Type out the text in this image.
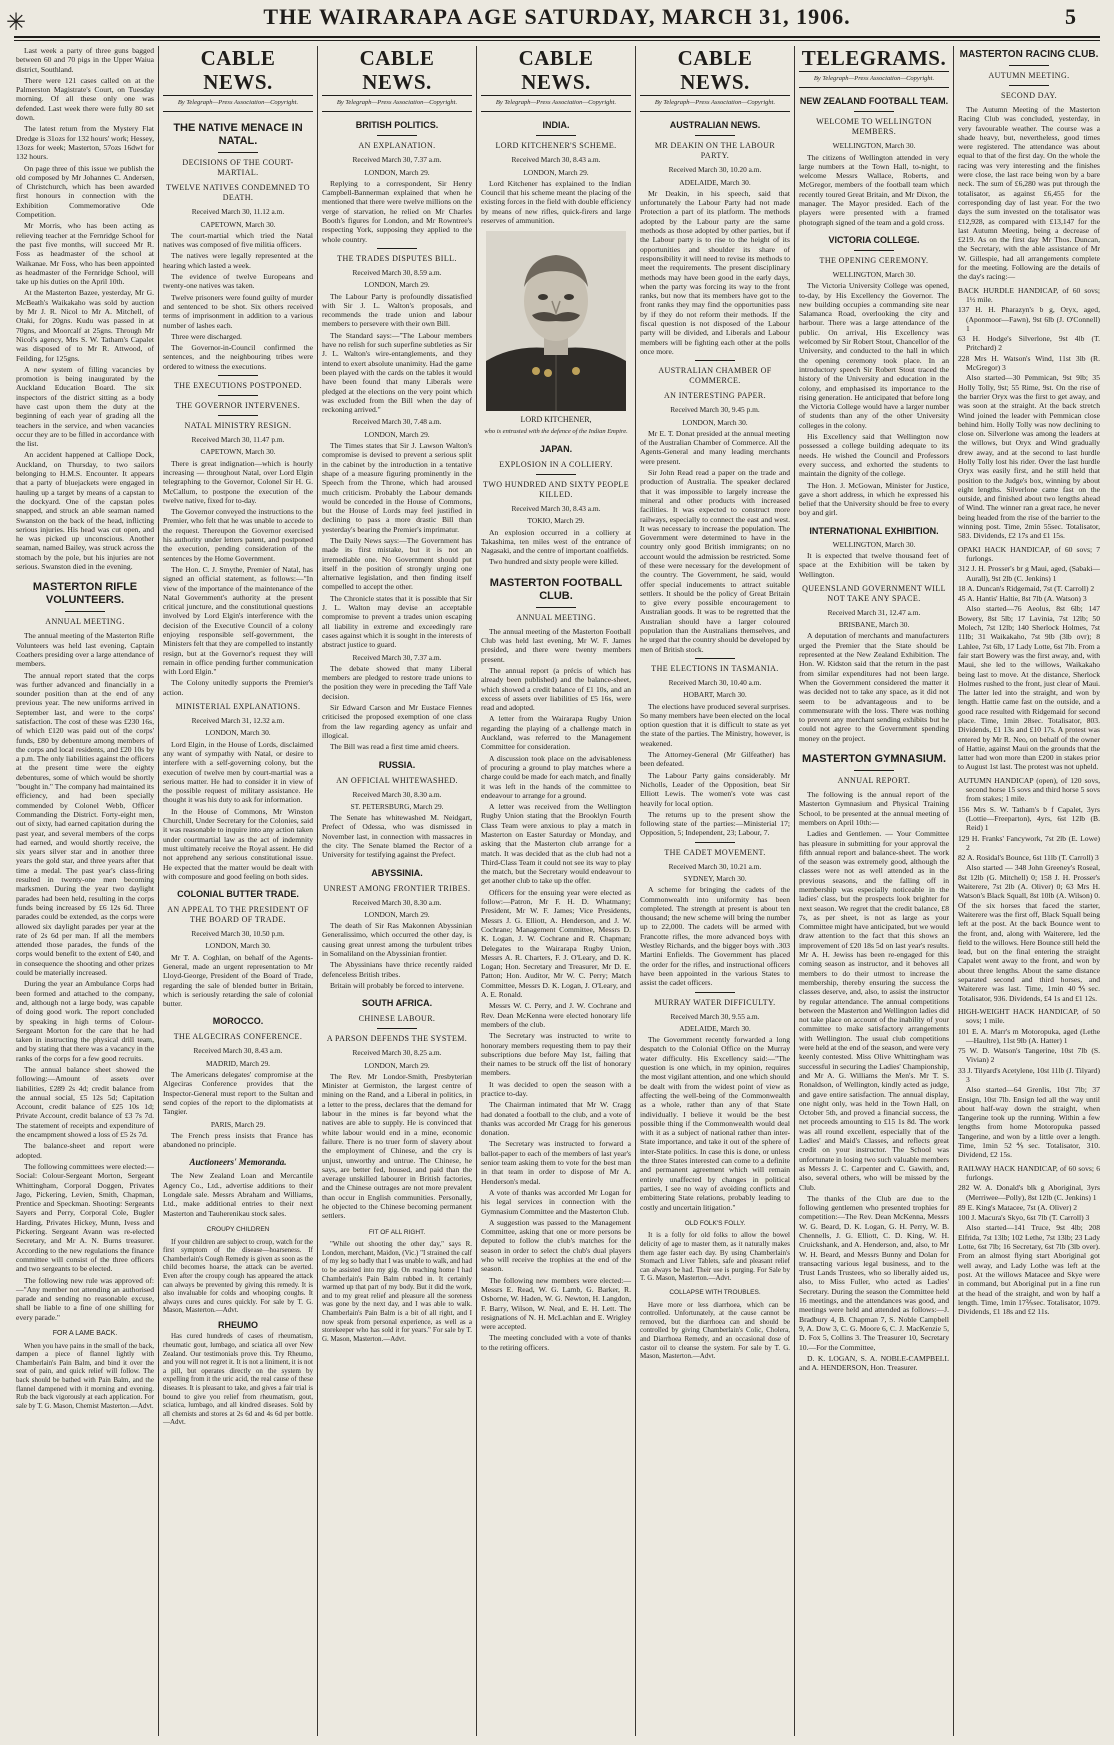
✳	THE WAIRARAPA AGE SATURDAY, MARCH 31, 1906.	5

Last week a party of three guns bagged between 60 and 70 pigs in the Upper Waiua district, Southland.

There were 121 cases called on at the Palmerston Magistrate's Court, on Tuesday morning. Of all these only one was defended. Last week there were fully 80 set down.

The latest return from the Mystery Flat Dredge is 31ozs for 132 hours' work; Hessey, 13ozs for week; Masterton, 57ozs 16dwt for 132 hours.

On page three of this issue we publish the old composed by Mr Johannes C. Andersen, of Christchurch, which has been awarded first honours in connection with the Exhibition Commemorative Ode Competition.

Mr Morris, who has been acting as relieving teacher at the Fernridge School for the past five months, will succeed Mr R. Foss as headmaster of the school at Waikanae. Mr Foss, who has been appointed as headmaster of the Fernridge School, will take up his duties on the April 10th.

At the Masterton Bazee, yesterday, Mr G. McBeath's Waikakaho was sold by auction by Mr J. R. Nicol to Mr A. Mitchell, of Otaki, for 20gns. Kudu was passed in at 70gns, and Moorcalf at 25gns. Through Mr Nicol's agency, Mrs S. W. Tatham's Capalet was disposed of to Mr R. Attwood, of Feilding, for 125gns.

A new system of filling vacancies by promotion is being inaugurated by the Auckland Education Board. The six inspectors of the district sitting as a body have cast upon them the duty at the beginning of each year of grading all the teachers in the service, and when vacancies occur they are to be filled in accordance with the list.

An accident happened at Calliope Dock, Auckland, on Thursday, to two sailors belonging to H.M.S. Encounter. It appears that a party of bluejackets were engaged in hauling up a target by means of a capstan to the dockyard. One of the capstan poles snapped, and struck an able seaman named Swanston on the back of the head, inflicting serious injuries. His head was cut open, and he was picked up unconscious. Another seaman, named Bailey, was struck across the stomach by the pole, but his injuries are not serious. Swanston died in the evening.

MASTERTON RIFLE VOLUNTEERS.
ANNUAL MEETING.

The annual meeting of the Masterton Rifle Volunteers was held last evening, Captain Coathers presiding over a large attendance of members.

The annual report stated that the corps was further advanced and financially in a sounder position than at the end of any previous year. The new uniforms arrived in September last, and were to the corps' satisfaction. The cost of these was £230 16s, of which £120 was paid out of the corps' funds, £80 by debenture among members of the corps and local residents, and £20 10s by a p.m. The only liabilities against the officers at the present time were the eighty debentures, some of which would be shortly "bought in." The company had maintained its efficiency, and had been specially commended by Colonel Webb, Officer Commanding the District. Forty-eight men, out of sixty, had earned capitation during the past year, and several members of the corps had earned, and would shortly receive, the six years silver star and in another three years the gold star, and three years after that time a medal. The past year's class-firing resulted in twenty-one men becoming marksmen. During the year two daylight parades had been held, resulting in the corps funds being increased by £6 12s 6d. Three parades could be extended, as the corps were allowed six daylight parades per year at the rate of 2s 6d per man. If all the members attended those parades, the funds of the corps would benefit to the extent of £40, and in consequence the shooting and other prizes could be materially increased.

During the year an Ambulance Corps had been formed and attached to the company, and, although not a large body, was capable of doing good work. The report concluded by speaking in high terms of Colour-Sergeant Morton for the care that he had taken in instructing the physical drill team, and by stating that there was a vacancy in the ranks of the corps for a few good recruits.

The annual balance sheet showed the following:—Amount of assets over liabilities, £289 2s 4d; credit balance from the annual social, £5 12s 5d; Capitation Account, credit balance of £25 10s 1d; Private Account, credit balance of £3 7s 7d. The statement of receipts and expenditure of the encampment showed a loss of £5 2s 7d.

The balance-sheet and report were adopted.

The following committees were elected:—Social: Colour-Sergeant Morton, Sergeant Whittingham, Corporal Doggen, Privates Jago, Pickering, Levien, Smith, Chapman, Prentice and Speckman. Shooting: Sergeants Sayers and Perry, Corporal Cole, Bugler Harding, Privates Hickey, Munn, Ivess and Pickering. Sergeant Avann was re-elected Secretary, and Mr A. N. Burns treasurer. According to the new regulations the finance committee will consist of the three officers and two sergeants to be elected.

The following new rule was approved of:—"Any member not attending an authorised parade and sending no reasonable excuse, shall be liable to a fine of one shilling for every parade."

FOR A LAME BACK.

When you have pains in the small of the back, dampen a piece of flannel lightly with Chamberlain's Pain Balm, and bind it over the seat of pain, and quick relief will follow. The back should be bathed with Pain Balm, and the flannel dampened with it morning and evening. Rub the back vigorously at each application. For sale by T. G. Mason, Chemist Masterton.—Advt.

CABLE NEWS.
By Telegraph—Press Association—Copyright.
THE NATIVE MENACE IN NATAL.
DECISIONS OF THE COURT-MARTIAL.
TWELVE NATIVES CONDEMNED TO DEATH.
Received March 30, 11.12 a.m.
CAPETOWN, March 30.

The court-martial which tried the Natal natives was composed of five militia officers.

The natives were legally represented at the hearing which lasted a week.

The evidence of twelve Europeans and twenty-one natives was taken.

Twelve prisoners were found guilty of murder and sentenced to be shot. Six others received terms of imprisonment in addition to a various number of lashes each.

Three were discharged.

The Governor-in-Council confirmed the sentences, and the neighbouring tribes were ordered to witness the executions.

THE EXECUTIONS POSTPONED.
THE GOVERNOR INTERVENES.
NATAL MINISTRY RESIGN.
Received March 30, 11.47 p.m.
CAPETOWN, March 30.

There is great indignation—which is hourly increasing — throughout Natal, over Lord Elgin telegraphing to the Governor, Colonel Sir H. G. McCallum, to postpone the execution of the twelve native, fixed for to-day.

The Governor conveyed the instructions to the Premier, who felt that he was unable to accede to the request. Thereupon the Governor exercised his authority under letters patent, and postponed the execution, pending consideration of the sentences by the Home Government.

The Hon. C. J. Smythe, Premier of Natal, has signed an official statement, as follows:—"In view of the importance of the maintenance of the Natal Government's authority at the present critical juncture, and the constitutional questions involved by Lord Elgin's interference with the decision of the Executive Council of a colony enjoying responsible self-government, the Ministers felt that they are compelled to instantly resign, but at the Governor's request they will remain in office pending further communication with Lord Elgin."

The Colony unitedly supports the Premier's action.

MINISTERIAL EXPLANATIONS.
Received March 31, 12.32 a.m.
LONDON, March 30.

Lord Elgin, in the House of Lords, disclaimed any want of sympathy with Natal, or desire to interfere with a self-governing colony, but the execution of twelve men by court-martial was a serious matter. He had to consider it in view of the possible request of military assistance. He thought it was his duty to ask for information.

In the House of Commons, Mr Winston Churchill, Under Secretary for the Colonies, said it was reasonable to inquire into any action taken under courtmartial law as the act of indemnity must ultimately receive the Royal assent. He did not apprehend any serious constitutional issue. He expected that the matter would be dealt with with composure and good feeling on both sides.

COLONIAL BUTTER TRADE.
AN APPEAL TO THE PRESIDENT OF THE BOARD OF TRADE.
Received March 30, 10.50 p.m.
LONDON, March 30.

Mr T. A. Coghlan, on behalf of the Agents-General, made an urgent representation to Mr Lloyd-George, President of the Board of Trade, regarding the sale of blended butter in Britain, which is seriously retarding the sale of colonial butter.

MOROCCO.
THE ALGECIRAS CONFERENCE.
Received March 30, 8.43 a.m.
MADRID, March 29.

The Americans delegates' compromise at the Algeciras Conference provides that the Inspector-General must report to the Sultan and send copies of the report to the diplomatists at Tangier.

PARIS, March 29.

The French press insists that France has abandoned no principle.

Auctioneers' Memoranda.

The New Zealand Loan and Mercantile Agency Co., Ltd., advertise additions to their Longdale sale. Messrs Abraham and Williams, Ltd., make additional entries to their next Masterton and Tauherenikau stock sales.

CROUPY CHILDREN

If your children are subject to croup, watch for the first symptom of the disease—hoarseness. If Chamberlain's Cough Remedy is given as soon as the child becomes hoarse, the attack can be averted. Even after the croupy cough has appeared the attack can always be prevented by giving this remedy. It is also invaluable for colds and whooping coughs. It always cures and cures quickly. For sale by T. G. Mason, Masterton.—Advt.

RHEUMO

Has cured hundreds of cases of rheumatism, rheumatic gout, lumbago, and sciatica all over New Zealand. Our testimonials prove this. Try Rheumo, and you will not regret it. It is not a liniment, it is not a pill, but operates directly on the system by expelling from it the uric acid, the real cause of these diseases. It is pleasant to take, and gives a fair trial is bound to give you relief from rheumatism, gout, sciatica, lumbago, and all kindred diseases. Sold by all chemists and stores at 2s 6d and 4s 6d per bottle.—Advt.

CABLE NEWS.
By Telegraph—Press Association—Copyright.
BRITISH POLITICS.
AN EXPLANATION.
Received March 30, 7.37 a.m.
LONDON, March 29.

Replying to a correspondent, Sir Henry Campbell-Bannerman explained that when he mentioned that there were twelve millions on the verge of starvation, he relied on Mr Charles Booth's figures for London, and Mr Rowntree's respecting York, supposing they applied to the whole country.

THE TRADES DISPUTES BILL.
Received March 30, 8.59 a.m.
LONDON, March 29.

The Labour Party is profoundly dissatisfied with Sir J. L. Walton's proposals, and recommends the trade union and labour members to persevere with their own Bill.

The Standard says:—"The Labour members have no relish for such superfine subtleties as Sir J. L. Walton's wire-entanglements, and they intend to exert absolute unanimity. Had the game been played with the cards on the tables it would have been found that many Liberals were pledged at the elections on the very point which was excluded from the Bill when the day of reckoning arrived."

Received March 30, 7.48 a.m.
LONDON, March 29.

The Times states that Sir J. Lawson Walton's compromise is devised to prevent a serious split in the cabinet by the introduction in a tentative shape of a measure figuring prominently in the Speech from the Throne, which had aroused much criticism. Probably the Labour demands would be conceded in the House of Commons, but the House of Lords may feel justified in declining to pass a more drastic Bill than yesterday's bearing the Premier's imprimatur.

The Daily News says:—The Government has made its first mistake, but it is not an irremediable one. No Government should put itself in the position of strongly urging one alternative legislation, and then finding itself compelled to accept the other.

The Chronicle states that it is possible that Sir J. L. Walton may devise an acceptable compromise to prevent a trades union escaping all liability in extreme and exceedingly rare cases against which it is sought in the interests of abstract justice to guard.

Received March 30, 7.37 a.m.

The debate showed that many Liberal members are pledged to restore trade unions to the position they were in preceding the Taff Vale decision.

Sir Edward Carson and Mr Eustace Fiennes criticised the proposed exemption of one class from the law regarding agency as unfair and illogical.

The Bill was read a first time amid cheers.

RUSSIA.
AN OFFICIAL WHITEWASHED.
Received March 30, 8.30 a.m.
ST. PETERSBURG, March 29.

The Senate has whitewashed M. Neidgart, Prefect of Odessa, who was dismissed in November last, in connection with massacres in the city. The Senate blamed the Rector of a University for testifying against the Prefect.

ABYSSINIA.
UNREST AMONG FRONTIER TRIBES.
Received March 30, 8.30 a.m.
LONDON, March 29.

The death of Sir Ras Makonnen Abyssinian Generalissimo, which occurred the other day, is causing great unrest among the turbulent tribes in Somaliland on the Abyssinian frontier.

The Abyssinians have thrice recently raided defenceless British tribes.

Britain will probably be forced to intervene.

SOUTH AFRICA.
CHINESE LABOUR.
A PARSON DEFENDS THE SYSTEM.
Received March 30, 8.25 a.m.
LONDON, March 29.

The Rev. Mr Londor-Smith, Presbyterian Minister at Germiston, the largest centre of mining on the Rand, and a Liberal in politics, in a letter to the press, declares that the demand for labour in the mines is far beyond what the natives are able to supply. He is convinced that white labour would end in a mine, economic failure. There is no truer form of slavery about the employment of Chinese, and the cry is unjust, unworthy and untrue. The Chinese, he says, are better fed, housed, and paid than the average unskilled labourer in British factories, and the Chinese outrages are not more prevalent than occur in English communities. Personally, he objected to the Chinese becoming permanent settlers.

FIT OF ALL RIGHT.

"While out shooting the other day," says R. London, merchant, Maidon, (Vic.) "I strained the calf of my leg so badly that I was unable to walk, and had to be assisted into my gig. On reaching home I had Chamberlain's Pain Balm rubbed in. It certainly warmed up that part of my body. But it did the work, and to my great relief and pleasure all the soreness was gone by the next day, and I was able to walk. Chamberlain's Pain Balm is a bit of all right, and I now speak from personal experience, as well as a storekeeper who has sold it for years." For sale by T. G. Mason, Masterton.—Advt.

CABLE NEWS.
By Telegraph—Press Association—Copyright.
INDIA.
LORD KITCHENER'S SCHEME.
Received March 30, 8.43 a.m.
LONDON, March 29.

Lord Kitchener has explained to the Indian Council that his scheme meant the placing of the existing forces in the field with double efficiency by means of new rifles, quick-firers and large reserves of ammunition.

LORD KITCHENER,
who is entrusted with the defence of the Indian Empire.
JAPAN.
EXPLOSION IN A COLLIERY.
TWO HUNDRED AND SIXTY PEOPLE KILLED.
Received March 30, 8.43 a.m.
TOKIO, March 29.

An explosion occurred in a colliery at Takashima, ten miles west of the entrance of Nagasaki, and the centre of important coalfields.

Two hundred and sixty people were killed.

MASTERTON FOOTBALL CLUB.
ANNUAL MEETING.

The annual meeting of the Masterton Football Club was held last evening, Mr W. F. James presided, and there were twenty members present.

The annual report (a précis of which has already been published) and the balance-sheet, which showed a credit balance of £1 10s, and an excess of assets over liabilities of £5 16s, were read and adopted.

A letter from the Wairarapa Rugby Union regarding the playing of a challenge match in Auckland, was referred to the Management Committee for consideration.

A discussion took place on the advisableness of procuring a ground to play matches where a charge could be made for each match, and finally it was left in the hands of the committee to endeavour to arrange for a ground.

A letter was received from the Wellington Rugby Union stating that the Brooklyn Fourth Class Team were anxious to play a match in Masterton on Easter Saturday or Monday, and asking that the Masterton club arrange for a match. It was decided that as the club had not a Third-Class Team it could not see its way to play the match, but the Secretary would endeavour to get another club to take up the offer.

Officers for the ensuing year were elected as follow:—Patron, Mr F. H. D. Whatmany; President, Mr W. F. James; Vice Presidents, Messrs J. G. Elliott, A. Henderson, and J. W. Cochrane; Management Committee, Messrs D. K. Logan, J. W. Cochrane and R. Chapman; Delegates to the Wairarapa Rugby Union, Messrs A. R. Charters, F. J. O'Leary, and D. K. Logan; Hon. Secretary and Treasurer, Mr D. E. Patton; Hon. Auditor, Mr W. C. Perry; Match Committee, Messrs D. K. Logan, J. O'Leary, and A. E. Ronald.

Messrs W. C. Perry, and J. W. Cochrane and Rev. Dean McKenna were elected honorary life members of the club.

The Secretary was instructed to write to honorary members requesting them to pay their subscriptions due before May 1st, failing that their names to be struck off the list of honorary members.

It was decided to open the season with a practice to-day.

The Chairman intimated that Mr W. Cragg had donated a football to the club, and a vote of thanks was accorded Mr Cragg for his generous donation.

The Secretary was instructed to forward a ballot-paper to each of the members of last year's senior team asking them to vote for the best man in that team in order to dispose of Mr A. Henderson's medal.

A vote of thanks was accorded Mr Logan for his legal services in connection with the Gymnasium Committee and the Masterton Club.

A suggestion was passed to the Management Committee, asking that one or more persons be deputed to follow the club's matches for the season in order to select the club's dual players who will receive the trophies at the end of the season.

The following new members were elected:—Messrs E. Read, W. G. Lamb, G. Barker, R. Osborne, W. Haden, W. G. Newton, H. Langdon, F. Barry, Wilson, W. Neal, and E. H. Lett. The resignations of N. H. McLachlan and E. Wrigley were accepted.

The meeting concluded with a vote of thanks to the retiring officers.

CABLE NEWS.
By Telegraph—Press Association—Copyright.
AUSTRALIAN NEWS.
MR DEAKIN ON THE LABOUR PARTY.
Received March 30, 10.20 a.m.
ADELAIDE, March 30.

Mr Deakin, in his speech, said that unfortunately the Labour Party had not made Protection a part of its platform. The methods adopted by the Labour party are the same methods as those adopted by other parties, but if the Labour party is to rise to the height of its opportunities and shoulder its share of responsibility it will need to revise its methods to meet the requirements. The present disciplinary methods may have been good in the early days, when the party was forcing its way to the front ranks, but now that its members have got to the front ranks they may find the opportunities pass by if they do not reform their methods. If the fiscal question is not disposed of the Labour party will be divided, and Liberals and Labour members will be fighting each other at the polls once more.

AUSTRALIAN CHAMBER OF COMMERCE.
AN INTERESTING PAPER.
Received March 30, 9.45 p.m.
LONDON, March 30.

Mr E. T. Donat presided at the annual meeting of the Australian Chamber of Commerce. All the Agents-General and many leading merchants were present.

Sir John Read read a paper on the trade and production of Australia. The speaker declared that it was impossible to largely increase the mineral and other products with increased facilities. It was expected to construct more railways, especially to connect the east and west. It was necessary to increase the population. The Government were determined to have in the country only good British immigrants; on no account would the admission be restricted. Some of these were necessary for the development of the country. The Government, he said, would offer special inducements to attract suitable settlers. It should be the policy of Great Britain to give every possible encouragement to Australian goods. It was to be regretted that the Australian should have a larger coloured population than the Australians themselves, and he urged that the country should be developed by men of British stock.

THE ELECTIONS IN TASMANIA.
Received March 30, 10.40 a.m.
HOBART, March 30.

The elections have produced several surprises. So many members have been elected on the local option question that it is difficult to state as yet the state of the parties. The Ministry, however, is weakened.

The Attorney-General (Mr Gilfeather) has been defeated.

The Labour Party gains considerably. Mr Nicholls, Leader of the Opposition, beat Sir Elliott Lewis. The women's vote was cast heavily for local option.

The returns up to the present show the following state of the parties:—Ministerial 17; Opposition, 5; Independent, 23; Labour, 7.

THE CADET MOVEMENT.
Received March 30, 10.21 a.m.
SYDNEY, March 30.

A scheme for bringing the cadets of the Commonwealth into uniformity has been completed. The strength at present is about ten thousand; the new scheme will bring the number up to 22,000. The cadets will be armed with Francotte rifles, the more advanced boys with Westley Richards, and the bigger boys with .303 Martini Enfields. The Government has placed the order for the rifles, and instructional officers have been appointed in the various States to assist the cadet officers.

MURRAY WATER DIFFICULTY.
Received March 30, 9.55 a.m.
ADELAIDE, March 30.

The Government recently forwarded a long despatch to the Colonial Office on the Murray water difficulty. His Excellency said:—"The question is one which, in my opinion, requires the most vigilant attention, and one which should be dealt with from the widest point of view as affecting the well-being of the Commonwealth as a whole, rather than any of that State individually. I believe it would be the best possible thing if the Commonwealth would deal with it as a subject of national rather than inter-State importance, and take it out of the sphere of inter-State politics. In case this is done, or unless the three States interested can come to a definite and permanent agreement which will remain entirely unaffected by changes in political parties, I see no way of avoiding conflicts and embittering State relations, probably leading to costly and uncertain litigation."

OLD FOLK'S FOLLY.

It is a folly for old folks to allow the bowel delicity of age to master them, as it naturally makes them age faster each day. By using Chamberlain's Stomach and Liver Tablets, safe and pleasant relief can always be had. Their use is purging. For Sale by T. G. Mason, Masterton.—Advt.

COLLAPSE WITH TROUBLES.

Have more or less diarrhoea, which can be controlled. Unfortunately, at the cause cannot be removed, but the diarrhoea can and should be controlled by giving Chamberlain's Colic, Cholera, and Diarrhoea Remedy, and an occasional dose of castor oil to cleanse the system. For sale by T. G. Mason, Masterton.—Advt.

TELEGRAMS.
By Telegraph—Press Association—Copyright.
NEW ZEALAND FOOTBALL TEAM.
WELCOME TO WELLINGTON MEMBERS.
WELLINGTON, March 30.

The citizens of Wellington attended in very large numbers at the Town Hall, to-night, to welcome Messrs Wallace, Roberts, and McGregor, members of the football team which recently toured Great Britain, and Mr Dixon, the manager. The Mayor presided. Each of the players were presented with a framed photograph signed of the team and a gold cross.

VICTORIA COLLEGE.
THE OPENING CEREMONY.
WELLINGTON, March 30.

The Victoria University College was opened, to-day, by His Excellency the Governor. The new building occupies a commanding site near Salamanca Road, overlooking the city and harbour. There was a large attendance of the public. On arrival, His Excellency was welcomed by Sir Robert Stout, Chancellor of the University, and conducted to the hall in which the opening ceremony took place. In an introductory speech Sir Robert Stout traced the history of the University and education in the colony, and emphasised its importance to the rising generation. He anticipated that before long the Victoria College would have a larger number of students than any of the other University colleges in the colony.

His Excellency said that Wellington now possessed a college building adequate to its needs. He wished the Council and Professors every success, and exhorted the students to maintain the dignity of the college.

The Hon. J. McGowan, Minister for Justice, gave a short address, in which he expressed his belief that the University should be free to every boy and girl.

INTERNATIONAL EXHIBITION.
WELLINGTON, March 30.

It is expected that twelve thousand feet of space at the Exhibition will be taken by Wellington.

QUEENSLAND GOVERNMENT WILL NOT TAKE ANY SPACE.
Received March 31, 12.47 a.m.
BRISBANE, March 30.

A deputation of merchants and manufacturers urged the Premier that the State should be represented at the New Zealand Exhibition. The Hon. W. Kidston said that the return in the past from similar expenditures had not been large. When the Government considered the matter it was decided not to take any space, as it did not seem to be advantageous and to be commensurate with the loss. There was nothing to prevent any merchant sending exhibits but he could not agree to the Government spending money on the project.

MASTERTON GYMNASIUM.
ANNUAL REPORT.

The following is the annual report of the Masterton Gymnasium and Physical Training School, to be presented at the annual meeting of members on April 10th:—

Ladies and Gentlemen. — Your Committee has pleasure in submitting for your approval the fifth annual report and balance-sheet. The work of the season was extremely good, although the classes were not as well attended as in the previous seasons, and the falling off in membership was especially noticeable in the ladies' class, but the prospects look brighter for next season. We regret that the credit balance, £8 7s, as per sheet, is not as large as your Committee might have anticipated, but we would draw attention to the fact that this shows an improvement of £20 18s 5d on last year's results. Mr A. H. Jewiss has been re-engaged for this coming season as instructor, and it behoves all members to do their utmost to increase the membership, thereby ensuring the success the classes deserve, and, also, to assist the instructor by regular attendance. The annual competitions between the Masterton and Wellington ladies did not take place on account of the inability of your committee to make satisfactory arrangements with Wellington. The usual club competitions were held at the end of the season, and were very keenly contested. Miss Olive Whittingham was successful in securing the Ladies' Championship, and Mr A. G. Williams the Men's. Mr T. S. Ronaldson, of Wellington, kindly acted as judge, and gave entire satisfaction. The annual display, one night only, was held in the Town Hall, on October 5th, and proved a financial success, the net proceeds amounting to £15 1s 8d. The work was all round excellent, especially that of the Ladies' and Maid's Classes, and reflects great credit on your instructor. The School was unfortunate in losing two such valuable members as Messrs J. C. Carpenter and C. Gawith, and, also, several others, who will be missed by the Club.

The thanks of the Club are due to the following gentlemen who presented trophies for competition:—The Rev. Dean McKenna, Messrs W. G. Beard, D. K. Logan, G. H. Perry, W. B. Chennells, J. G. Elliott, C. D. King, W. H. Cruickshank, and A. Henderson, and, also, to Mr W. H. Beard, and Messrs Bunny and Dolan for transacting various legal business, and to the Trust Lands Trustees, who so liberally aided us, also, to Miss Fuller, who acted as Ladies' Secretary. During the season the Committee held 16 meetings, and the attendances was good, and meetings were held and attended as follows:—J. Bradbury 4, B. Chapman 7, S. Noble Campbell 9, A. Dow 3, C. G. Moore 6, C. J. MacKenzie 5, D. Fox 5, Collins 3. The Treasurer 10, Secretary 10.—For the Committee,

D. K. LOGAN, S. A. NOBLE-CAMPBELL and A. HENDERSON, Hon. Treasurer.

MASTERTON RACING CLUB.
AUTUMN MEETING.
SECOND DAY.

The Autumn Meeting of the Masterton Racing Club was concluded, yesterday, in very favourable weather. The course was a shade heavy, but, nevertheless, good times were registered. The attendance was about equal to that of the first day. On the whole the racing was very interesting and the finishes were close, the last race being won by a bare neck. The sum of £6,280 was put through the totalisator, as against £6,455 for the corresponding day of last year. For the two days the sum invested on the totalisator was £12,928, as compared with £13,147 for the last Autumn Meeting, being a decrease of £219. As on the first day Mr Thos. Duncan, the Secretary, with the able assistance of Mr W. Gillespie, had all arrangements complete for the meeting. Following are the details of the day's racing:—

BACK HURDLE HANDICAP, of 60 sovs; 1½ mile.
137 H. H. Pharazyn's b g, Oryx, aged, (Aponmoor—Fawn), 9st 6lb (J. O'Connell) 1
63 H. Hodge's Silverlone, 9st 4lb (T. Pritchard) 2
228 Mrs H. Watson's Wind, 11st 3lb (R. McGregor) 3

Also started—30 Pemmican, 9st 9lb; 35 Holly Tolly, 9st; 55 Rime, 9st. On the rise of the barrier Oryx was the first to get away, and was soon at the straight. At the back stretch Wind joined the leader with Pemmican close behind him. Holly Tolly was now declining to close on. Silverlone was among the leaders at the willows, but Oryx and Wind gradually drew away, and at the second to last hurdle Holly Tolly lost his rider. Over the last hurdle Oryx was easily first, and he still held that position to the Judge's box, winning by about eight lengths. Silverlone came fast on the outside, and finished about two lengths ahead of Wind. The winner ran a great race, he never being headed from the rise of the barrier to the winning post. Time, 2min 55sec. Totalisator, 583. Dividends, £2 17s and £1 15s.

OPAKI HACK HANDICAP, of 60 sovs; 7 furlongs.
312 J. H. Prosser's br g Maui, aged, (Sabaki—Aurall), 9st 2lb (C. Jenkins) 1
18 A. Duncan's Ridgemaid, 7st (T. Carroll) 2
45 A. Hantis' Haltie, 8st 7lb (A. Watson) 3

Also started—76 Aeolus, 8st 6lb; 147 Bowery, 8st 5lb; 17 Lavinia, 7st 12lb; 50 Molech, 7st 12lb; 140 Sherlock Holmes, 7st 11lb; 31 Waikakaho, 7st 9lb (3lb ovr); 8 Lahlee, 7st 6lb, 17 Lady Lotte, 6st 7lb. From a fair start Bowery was the first away, and, with Maui, she led to the willows, Waikakaho being last to move. At the distance, Sherlock Holmes rushed to the front, just clear of Maui. The latter led into the straight, and won by length. Hattie came fast on the outside, and a good race resulted with Ridgemaid for second place. Time, 1min 28sec. Totalisator, 803. Dividends, £1 13s and £10 17s. A protest was entered by Mr R. Neo, on behalf of the owner of Hattie, against Maui on the grounds that the latter had won more than £200 in stakes prior to August 1st last. The protest was not upheld.

AUTUMN HANDICAP (open), of 120 sovs, second horse 15 sovs and third horse 5 sovs from stakes; 1 mile.
156 Mrs S. W. Tatham's b f Capalet, 3yrs (Lottie—Freeparton), 4yrs, 6st 12lb (B. Reid) 1
129 H. Franks' Fancywork, 7st 2lb (E. Lowe) 2
82 A. Rosidal's Bounce, 6st 11lb (T. Carroll) 3

Also started — 348 John Greeney's Roseal, 8st 12lb (G. Mitchell) 0; 158 J. H. Prosser's Waiterere, 7st 2lb (A. Oliver) 0; 63 Mrs H. Watson's Black Squall, 8st 10lb (A. Wilson) 0. Of the six horses that faced the starter, Waiterere was the first off, Black Squall being left at the post. At the back Bounce went to the front, and, along with Waiterere, led the field to the willows. Here Bounce still held the lead, but on the final entering the straight Capalet went away to the front, and won by about three lengths. About the same distance separated second and third horses, and Waiterere was last. Time, 1min 40⅘sec. Totalisator, 936. Dividends, £4 1s and £1 12s.

HIGH-WEIGHT HACK HANDICAP, of 50 sovs; 1 mile.
101 E. A. Marr's m Motoropuka, aged (Lethe—Haultre), 11st 9lb (A. Hatter) 1
75 W. D. Watson's Tangerine, 10st 7lb (S. Vivian) 2
33 J. Tilyard's Acetylene, 10st 11lb (J. Tilyard) 3

Also started—64 Grenlis, 10st 7lb; 37 Ensign, 10st 7lb. Ensign led all the way until about half-way down the straight, when Tangerine took up the running. Within a few lengths from home Motoropuka passed Tangerine, and won by a little over a length. Time, 1min 52⅘sec. Totalisator, 310. Dividend, £2 15s.

RAILWAY HACK HANDICAP, of 60 sovs; 6 furlongs.
282 W. A. Donald's blk g Aboriginal, 3yrs (Merriwee—Polly), 8st 12lb (C. Jenkins) 1
89 E. King's Matacee, 7st (A. Oliver) 2
100 J. Macura's Skyo, 6st 7lb (T. Carroll) 3

Also started—141 Truce, 9st 4lb; 208 Elfrida, 7st 13lb; 102 Lethe, 7st 13lb; 23 Lady Lotte, 6st 7lb; 16 Secretary, 6st 7lb (3lb over). From an almost flying start Aboriginal got well away, and Lady Lothe was left at the post. At the willows Matacee and Skye were in command, but Aboriginal put in a fine run at the head of the straight, and won by half a length. Time, 1min 17⅖sec. Totalisator, 1079. Dividends, £1 18s and £2 11s.
